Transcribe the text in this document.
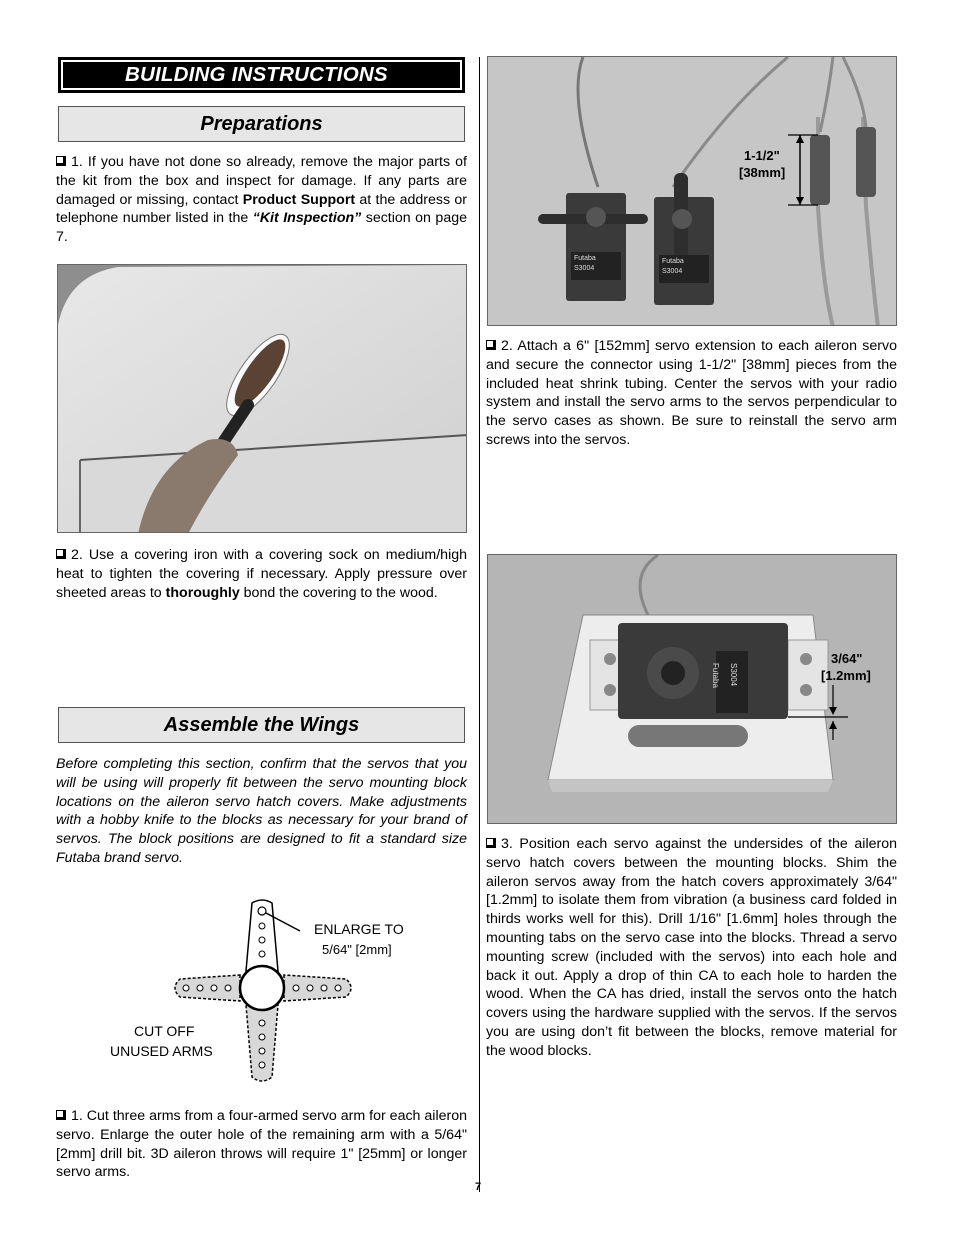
BUILDING INSTRUCTIONS
Preparations
1. If you have not done so already, remove the major parts of the kit from the box and inspect for damage. If any parts are damaged or missing, contact Product Support at the address or telephone number listed in the “Kit Inspection” section on page 7.
2. Use a covering iron with a covering sock on medium/high heat to tighten the covering if necessary. Apply pressure over sheeted areas to thoroughly bond the covering to the wood.
Assemble the Wings
Before completing this section, confirm that the servos that you will be using will properly fit between the servo mounting block locations on the aileron servo hatch covers. Make adjustments with a hobby knife to the blocks as necessary for your brand of servos. The block positions are designed to fit a standard size Futaba brand servo.
ENLARGE TO
5/64" [2mm]
CUT OFF
UNUSED ARMS
1. Cut three arms from a four-armed servo arm for each aileron servo. Enlarge the outer hole of the remaining arm with a 5/64" [2mm] drill bit. 3D aileron throws will require 1" [25mm] or longer servo arms.
1-1/2"
[38mm]
Futaba
S3004
Futaba
S3004
2. Attach a 6" [152mm] servo extension to each aileron servo and secure the connector using 1-1/2" [38mm] pieces from the included heat shrink tubing. Center the servos with your radio system and install the servo arms to the servos perpendicular to the servo cases as shown. Be sure to reinstall the servo arm screws into the servos.
3/64"
[1.2mm]
Futaba S3004
3. Position each servo against the undersides of the aileron servo hatch covers between the mounting blocks. Shim the aileron servos away from the hatch covers approximately 3/64" [1.2mm] to isolate them from vibration (a business card folded in thirds works well for this). Drill 1/16" [1.6mm] holes through the mounting tabs on the servo case into the blocks. Thread a servo mounting screw (included with the servos) into each hole and back it out. Apply a drop of thin CA to each hole to harden the wood. When the CA has dried, install the servos onto the hatch covers using the hardware supplied with the servos. If the servos you are using don’t fit between the blocks, remove material for the wood blocks.
7
